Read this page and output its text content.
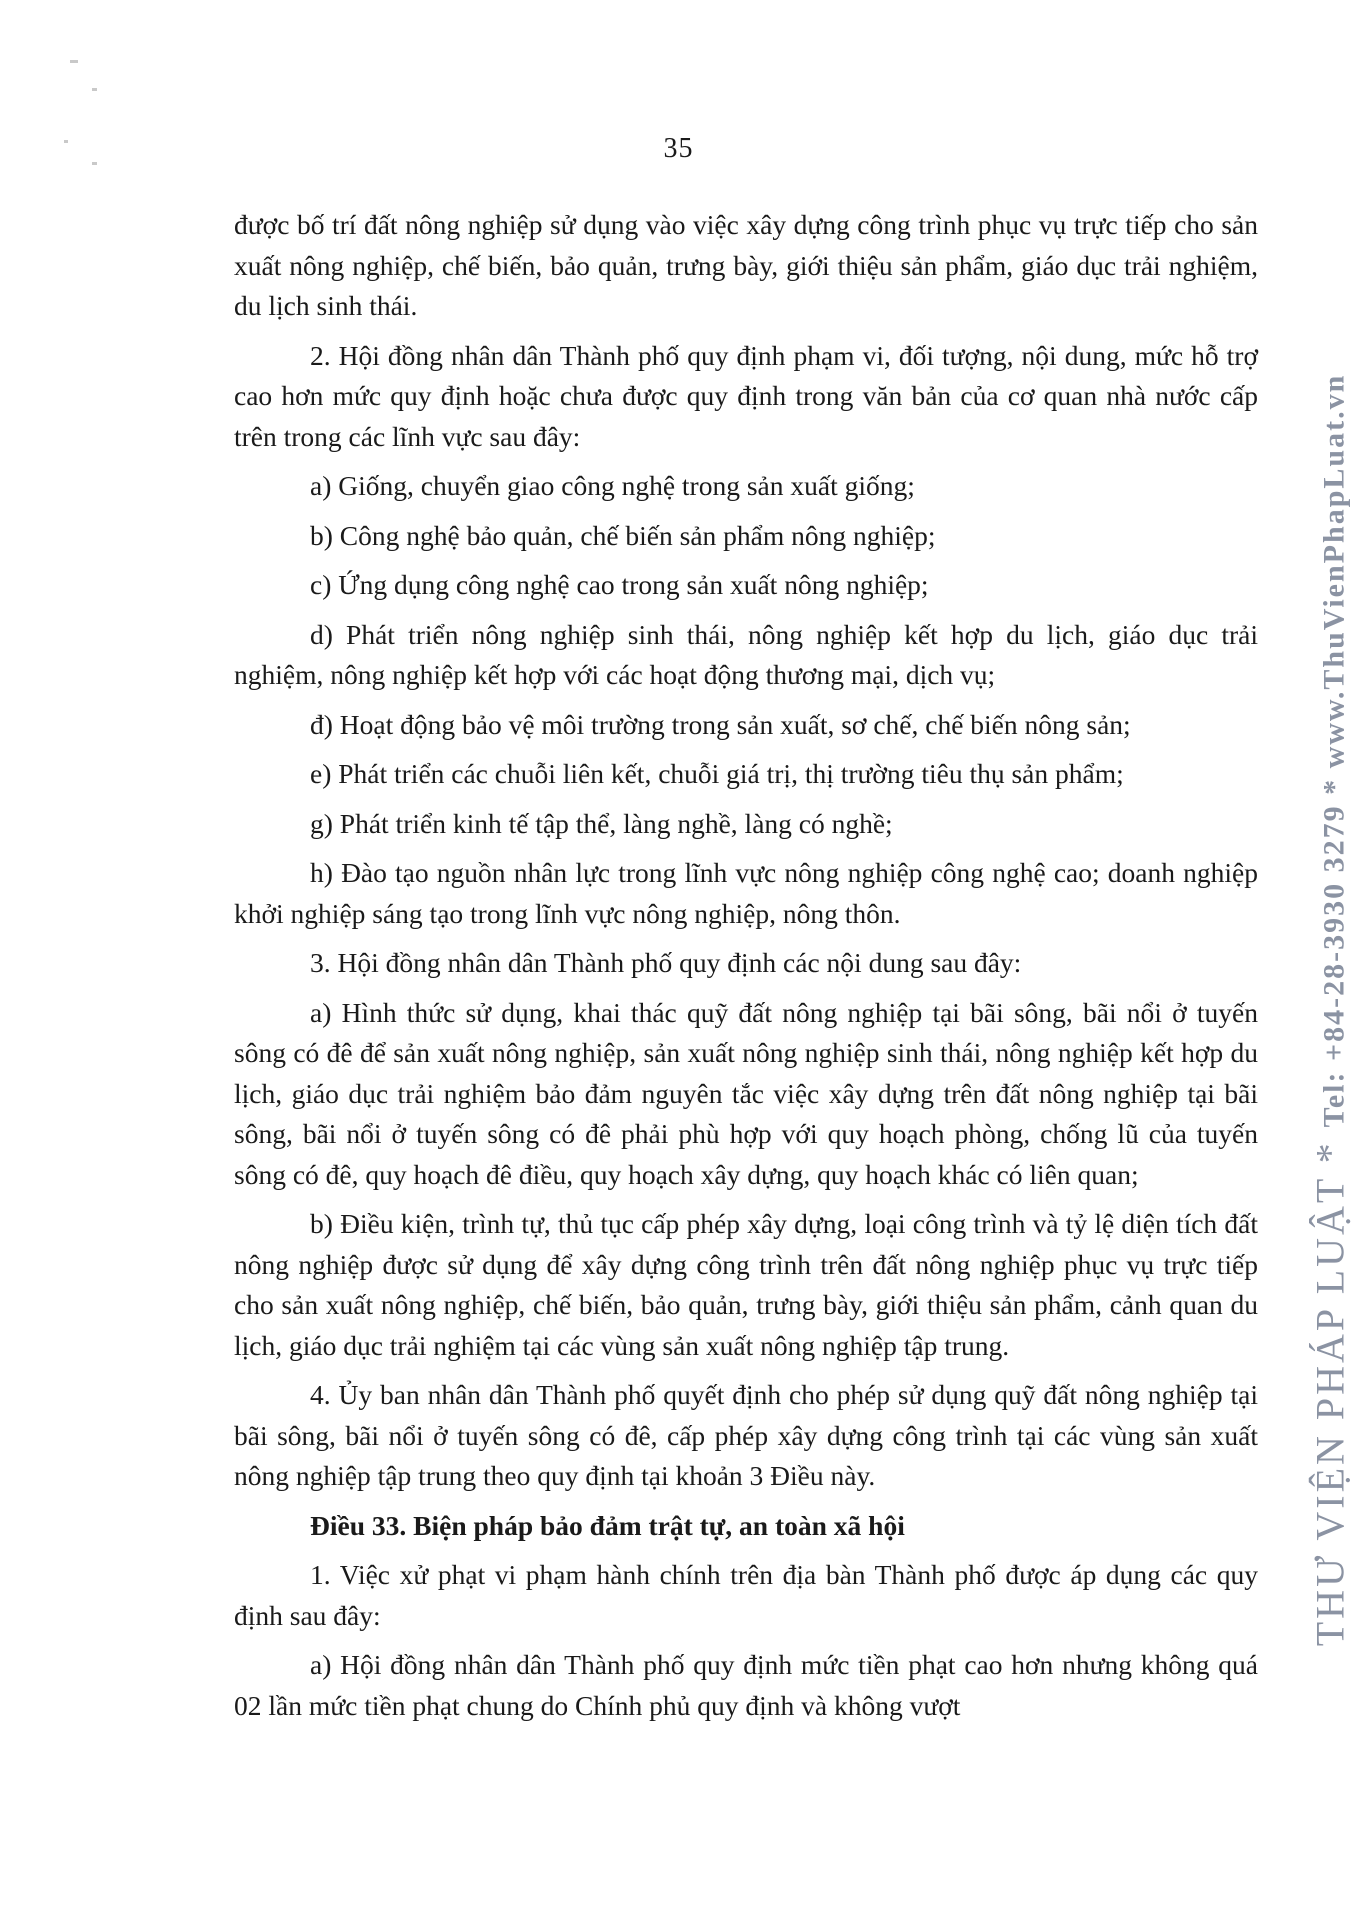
35

được bố trí đất nông nghiệp sử dụng vào việc xây dựng công trình phục vụ trực tiếp cho sản xuất nông nghiệp, chế biến, bảo quản, trưng bày, giới thiệu sản phẩm, giáo dục trải nghiệm, du lịch sinh thái.

2. Hội đồng nhân dân Thành phố quy định phạm vi, đối tượng, nội dung, mức hỗ trợ cao hơn mức quy định hoặc chưa được quy định trong văn bản của cơ quan nhà nước cấp trên trong các lĩnh vực sau đây:

a) Giống, chuyển giao công nghệ trong sản xuất giống;

b) Công nghệ bảo quản, chế biến sản phẩm nông nghiệp;

c) Ứng dụng công nghệ cao trong sản xuất nông nghiệp;

d) Phát triển nông nghiệp sinh thái, nông nghiệp kết hợp du lịch, giáo dục trải nghiệm, nông nghiệp kết hợp với các hoạt động thương mại, dịch vụ;

đ) Hoạt động bảo vệ môi trường trong sản xuất, sơ chế, chế biến nông sản;

e) Phát triển các chuỗi liên kết, chuỗi giá trị, thị trường tiêu thụ sản phẩm;

g) Phát triển kinh tế tập thể, làng nghề, làng có nghề;

h) Đào tạo nguồn nhân lực trong lĩnh vực nông nghiệp công nghệ cao; doanh nghiệp khởi nghiệp sáng tạo trong lĩnh vực nông nghiệp, nông thôn.

3. Hội đồng nhân dân Thành phố quy định các nội dung sau đây:

a) Hình thức sử dụng, khai thác quỹ đất nông nghiệp tại bãi sông, bãi nổi ở tuyến sông có đê để sản xuất nông nghiệp, sản xuất nông nghiệp sinh thái, nông nghiệp kết hợp du lịch, giáo dục trải nghiệm bảo đảm nguyên tắc việc xây dựng trên đất nông nghiệp tại bãi sông, bãi nổi ở tuyến sông có đê phải phù hợp với quy hoạch phòng, chống lũ của tuyến sông có đê, quy hoạch đê điều, quy hoạch xây dựng, quy hoạch khác có liên quan;

b) Điều kiện, trình tự, thủ tục cấp phép xây dựng, loại công trình và tỷ lệ diện tích đất nông nghiệp được sử dụng để xây dựng công trình trên đất nông nghiệp phục vụ trực tiếp cho sản xuất nông nghiệp, chế biến, bảo quản, trưng bày, giới thiệu sản phẩm, cảnh quan du lịch, giáo dục trải nghiệm tại các vùng sản xuất nông nghiệp tập trung.

4. Ủy ban nhân dân Thành phố quyết định cho phép sử dụng quỹ đất nông nghiệp tại bãi sông, bãi nổi ở tuyến sông có đê, cấp phép xây dựng công trình tại các vùng sản xuất nông nghiệp tập trung theo quy định tại khoản 3 Điều này.

Điều 33. Biện pháp bảo đảm trật tự, an toàn xã hội

1. Việc xử phạt vi phạm hành chính trên địa bàn Thành phố được áp dụng các quy định sau đây:

a) Hội đồng nhân dân Thành phố quy định mức tiền phạt cao hơn nhưng không quá 02 lần mức tiền phạt chung do Chính phủ quy định và không vượt

THƯ VIỆN PHÁP LUẬT * Tel: +84-28-3930 3279 * www.ThuVienPhapLuat.vn
